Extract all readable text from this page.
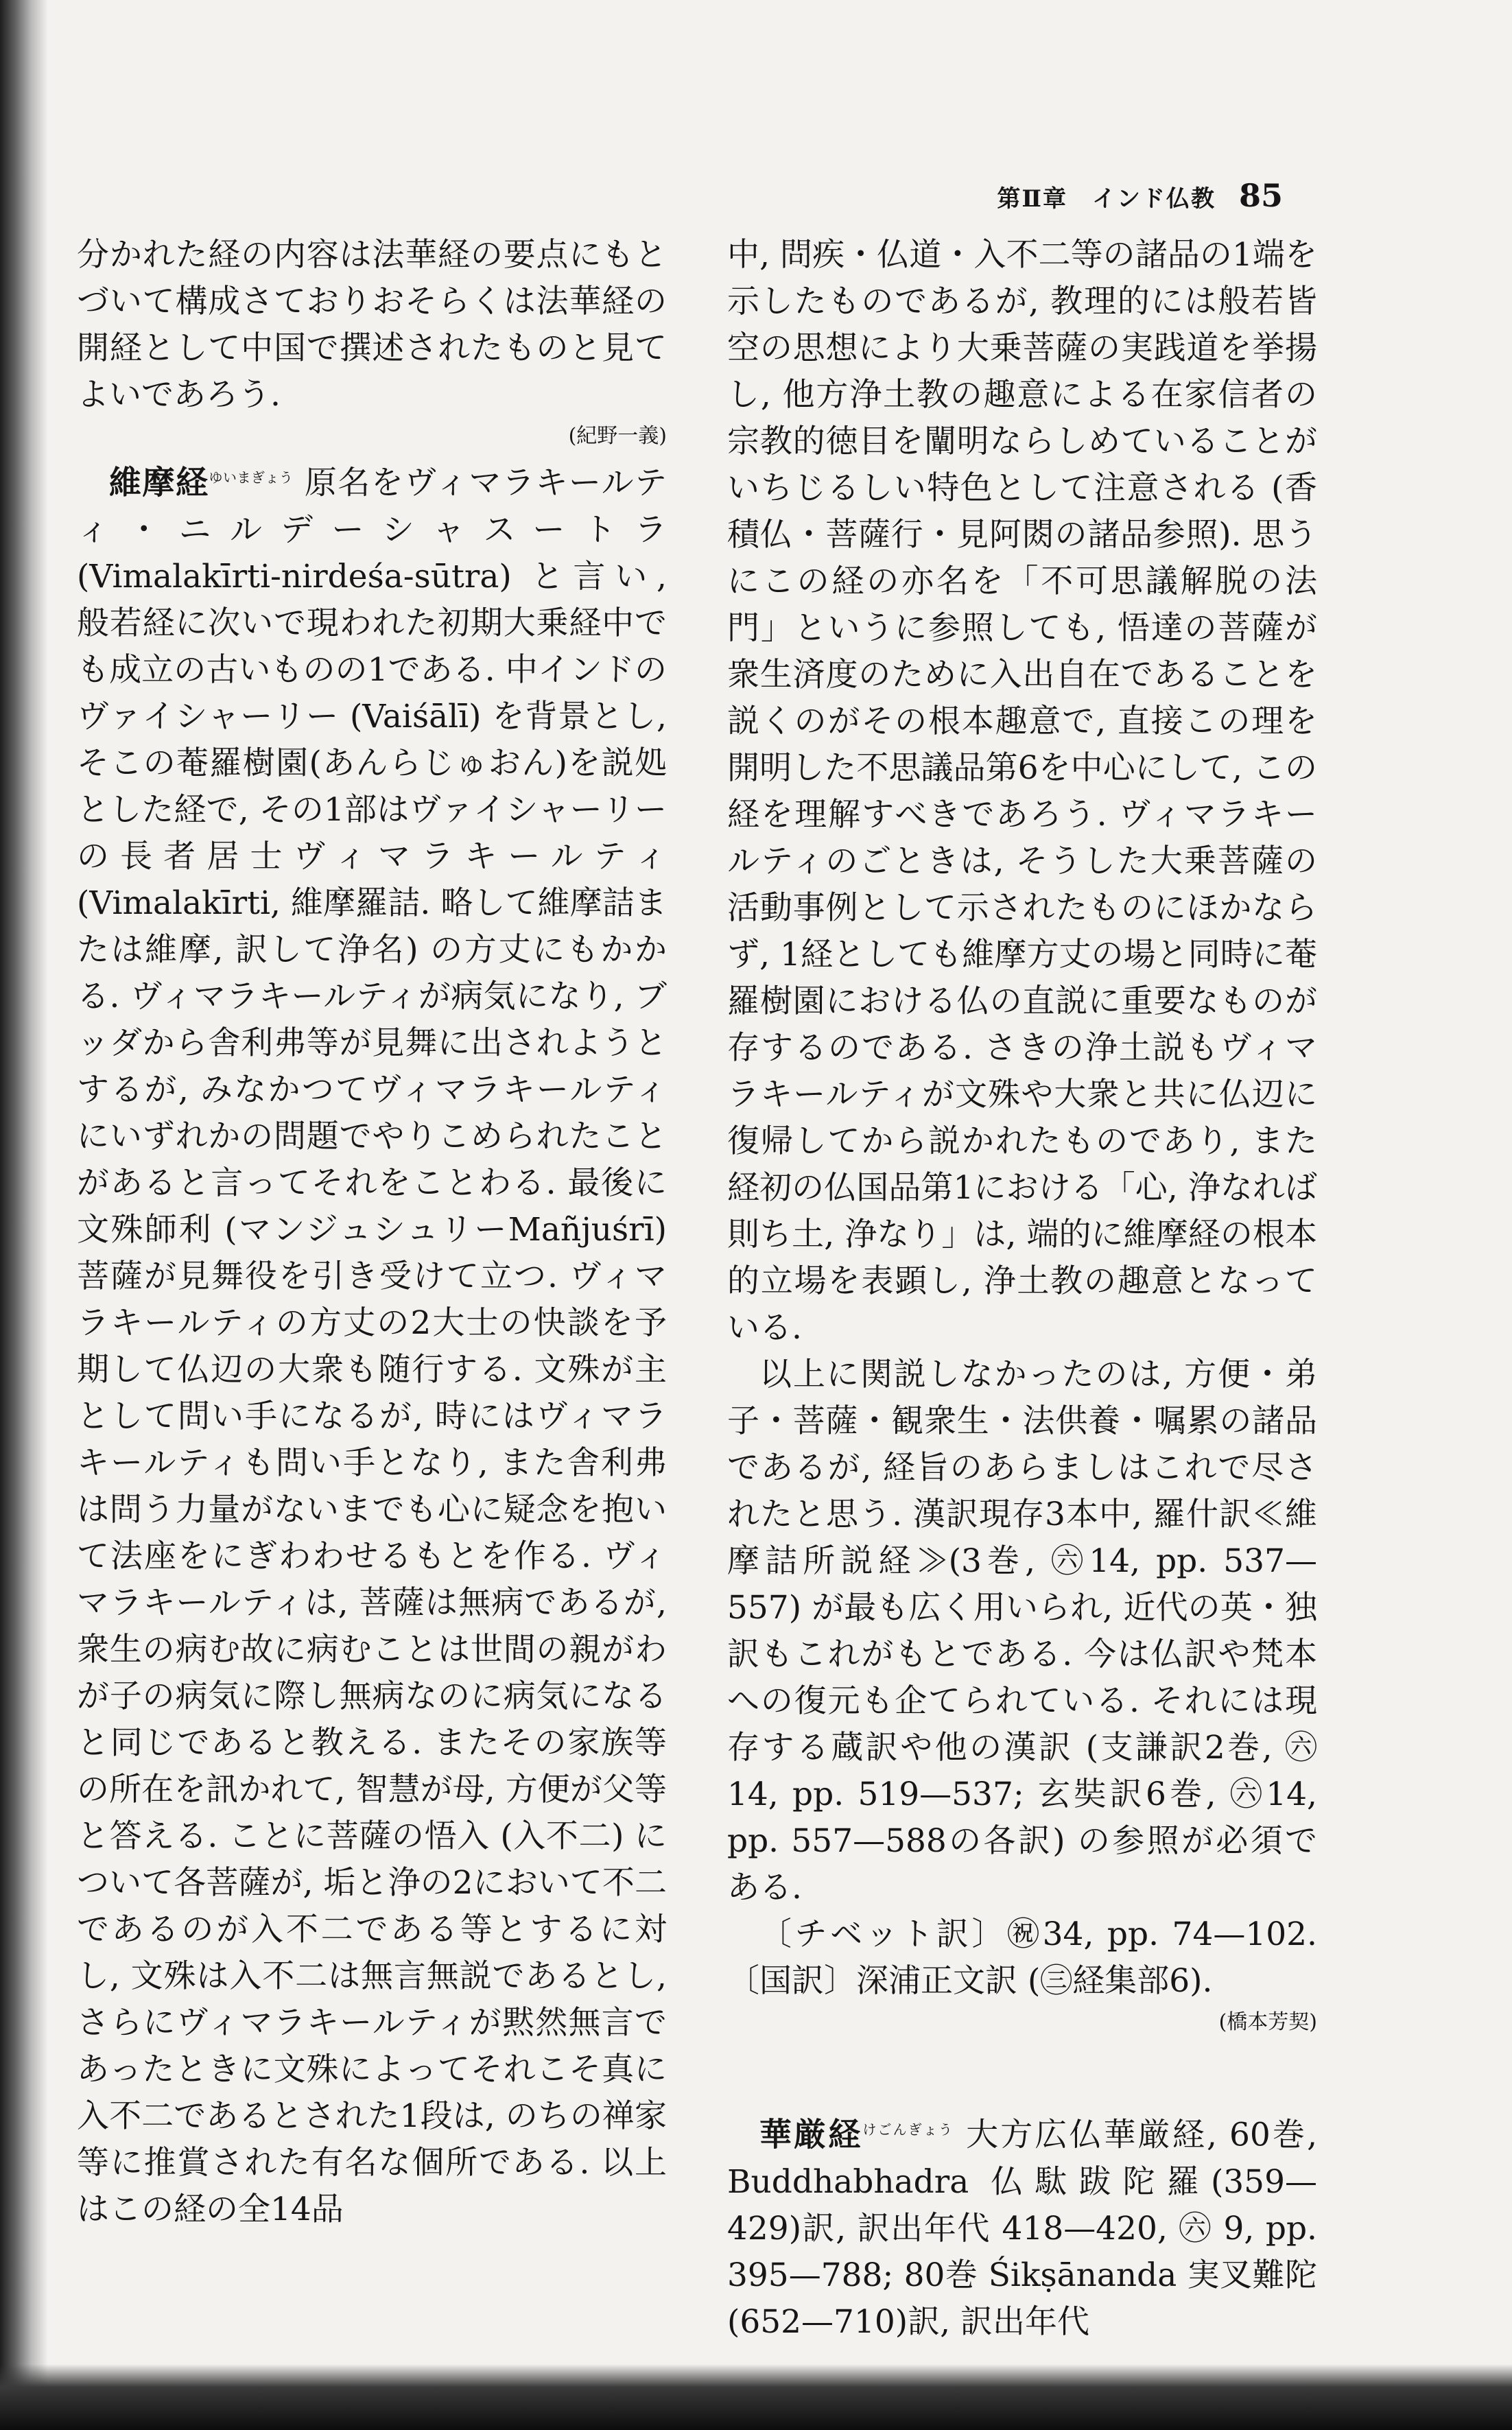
第Ⅱ章　インド仏教 85

分かれた経の内容は法華経の要点にもとづいて構成さておりおそらくは法華経の開経として中国で撰述されたものと見てよいであろう.

(紀野一義)

維摩経$^{ゆいまぎょう}$ 原名をヴィマラキールティ・ニルデーシャスートラ (Vimalakīrti-nirdeśa-sūtra) と言い, 般若経に次いで現われた初期大乗経中でも成立の古いものの1である. 中インドのヴァイシャーリー (Vaiśālī) を背景とし, そこの菴羅樹園(あんらじゅおん)を説処とした経で, その1部はヴァイシャーリーの長者居士ヴィマラキールティ (Vimalakīrti, 維摩羅詰. 略して維摩詰または維摩, 訳して浄名) の方丈にもかかる. ヴィマラキールティが病気になり, ブッダから舎利弗等が見舞に出されようとするが, みなかつてヴィマラキールティにいずれかの問題でやりこめられたことがあると言ってそれをことわる. 最後に文殊師利 (マンジュシュリーMañjuśrī) 菩薩が見舞役を引き受けて立つ. ヴィマラキールティの方丈の2大士の快談を予期して仏辺の大衆も随行する. 文殊が主として問い手になるが, 時にはヴィマラキールティも問い手となり, また舎利弗は問う力量がないまでも心に疑念を抱いて法座をにぎわわせるもとを作る. ヴィマラキールティは, 菩薩は無病であるが, 衆生の病む故に病むことは世間の親がわが子の病気に際し無病なのに病気になると同じであると教える. またその家族等の所在を訊かれて, 智慧が母, 方便が父等と答える. ことに菩薩の悟入 (入不二) について各菩薩が, 垢と浄の2において不二であるのが入不二である等とするに対し, 文殊は入不二は無言無説であるとし, さらにヴィマラキールティが黙然無言であったときに文殊によってそれこそ真に入不二であるとされた1段は, のちの禅家等に推賞された有名な個所である. 以上はこの経の全14品

中, 問疾・仏道・入不二等の諸品の1端を示したものであるが, 教理的には般若皆空の思想により大乗菩薩の実践道を挙揚し, 他方浄土教の趣意による在家信者の宗教的徳目を闡明ならしめていることがいちじるしい特色として注意される (香積仏・菩薩行・見阿閦の諸品参照). 思うにこの経の亦名を「不可思議解脱の法門」というに参照しても, 悟達の菩薩が衆生済度のために入出自在であることを説くのがその根本趣意で, 直接この理を開明した不思議品第6を中心にして, この経を理解すべきであろう. ヴィマラキールティのごときは, そうした大乗菩薩の活動事例として示されたものにほかならず, 1経としても維摩方丈の場と同時に菴羅樹園における仏の直説に重要なものが存するのである. さきの浄土説もヴィマラキールティが文殊や大衆と共に仏辺に復帰してから説かれたものであり, また経初の仏国品第1における「心, 浄なれば則ち土, 浄なり」は, 端的に維摩経の根本的立場を表顕し, 浄土教の趣意となっている.

以上に関説しなかったのは, 方便・弟子・菩薩・観衆生・法供養・嘱累の諸品であるが, 経旨のあらましはこれで尽されたと思う. 漢訳現存3本中, 羅什訳≪維摩詰所説経≫(3巻, ㊅14, pp. 537—557) が最も広く用いられ, 近代の英・独訳もこれがもとである. 今は仏訳や梵本への復元も企てられている. それには現存する蔵訳や他の漢訳 (支謙訳2巻, ㊅14, pp. 519—537; 玄奘訳6巻, ㊅14, pp. 557—588の各訳) の参照が必須である.

〔チベット訳〕㊗34, pp. 74—102.〔国訳〕深浦正文訳 (㊂経集部6).

(橋本芳契)

華厳経$^{けごんぎょう}$ 大方広仏華厳経, 60巻, Buddhabhadra 仏駄跋陀羅(359—429)訳, 訳出年代 418—420, ㊅ 9, pp. 395—788; 80巻 Śikṣānanda 実叉難陀(652—710)訳, 訳出年代
